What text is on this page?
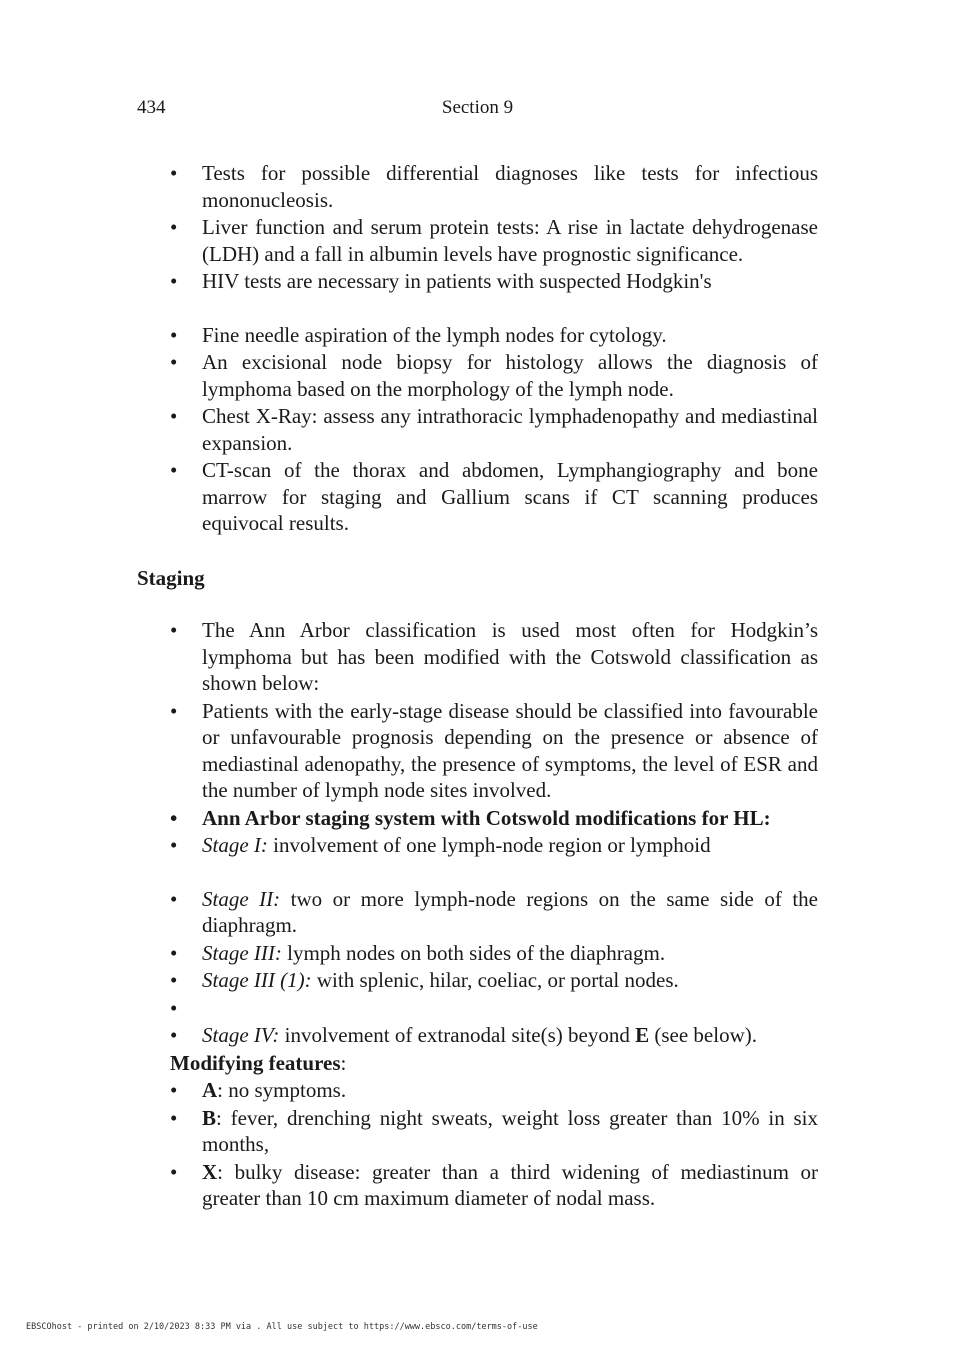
434	Section 9
• Tests for possible differential diagnoses like tests for infectious mononucleosis.
• Liver function and serum protein tests: A rise in lactate dehydrogenase (LDH) and a fall in albumin levels have prognostic significance.
• HIV tests are necessary in patients with suspected Hodgkin's
• Fine needle aspiration of the lymph nodes for cytology.
• An excisional node biopsy for histology allows the diagnosis of lymphoma based on the morphology of the lymph node.
• Chest X-Ray: assess any intrathoracic lymphadenopathy and mediastinal expansion.
• CT-scan of the thorax and abdomen, Lymphangiography and bone marrow for staging and Gallium scans if CT scanning produces equivocal results.
Staging
• The Ann Arbor classification is used most often for Hodgkin’s lymphoma but has been modified with the Cotswold classification as shown below:
• Patients with the early-stage disease should be classified into favourable or unfavourable prognosis depending on the presence or absence of mediastinal adenopathy, the presence of symptoms, the level of ESR and the number of lymph node sites involved.
• Ann Arbor staging system with Cotswold modifications for HL:
• Stage I: involvement of one lymph-node region or lymphoid
• Stage II: two or more lymph-node regions on the same side of the diaphragm.
• Stage III: lymph nodes on both sides of the diaphragm.
• Stage III (1): with splenic, hilar, coeliac, or portal nodes.
•
• Stage IV: involvement of extranodal site(s) beyond E (see below).
Modifying features:
• A: no symptoms.
• B: fever, drenching night sweats, weight loss greater than 10% in six months,
• X: bulky disease: greater than a third widening of mediastinum or greater than 10 cm maximum diameter of nodal mass.
EBSCOhost - printed on 2/10/2023 8:33 PM via . All use subject to https://www.ebsco.com/terms-of-use
